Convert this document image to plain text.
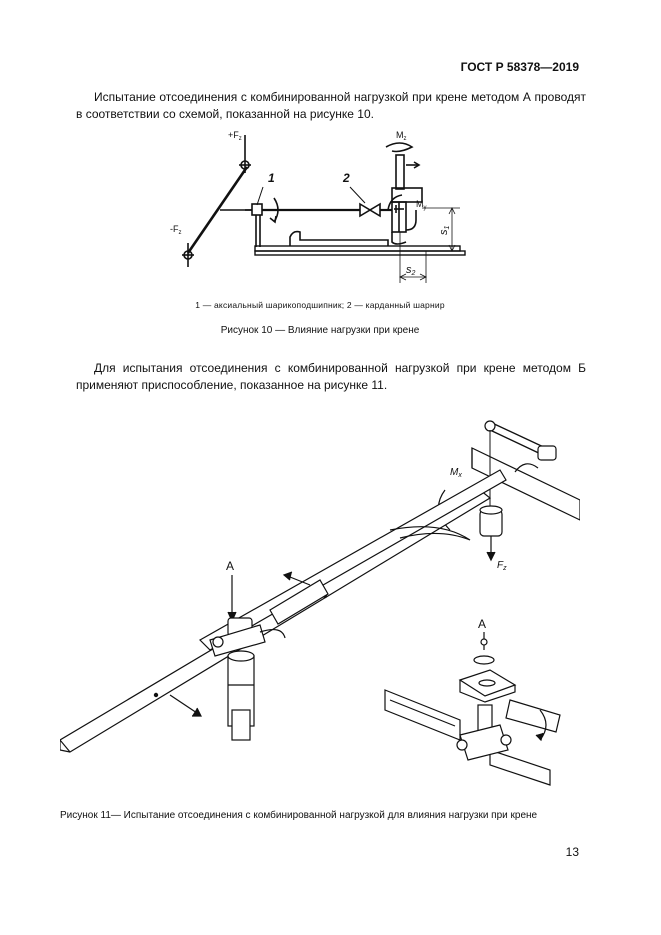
ГОСТ Р 58378—2019
Испытание отсоединения с комбинированной нагрузкой при крене методом А проводят в соответствии со схемой, показанной на рисунке 10.
$+F_z$
$-F_z$
1	2
$M_z$
$M_y$
s1
s2
1 — аксиальный шарикоподшипник; 2 — карданный шарнир
Рисунок 10 — Влияние нагрузки при крене
Для испытания отсоединения с комбинированной нагрузкой при крене методом Б применяют приспособление, показанное на рисунке 11.
$F_z$
$M_x$
A
A
Рисунок 11— Испытание отсоединения с комбинированной нагрузкой для влияния нагрузки при крене
13
